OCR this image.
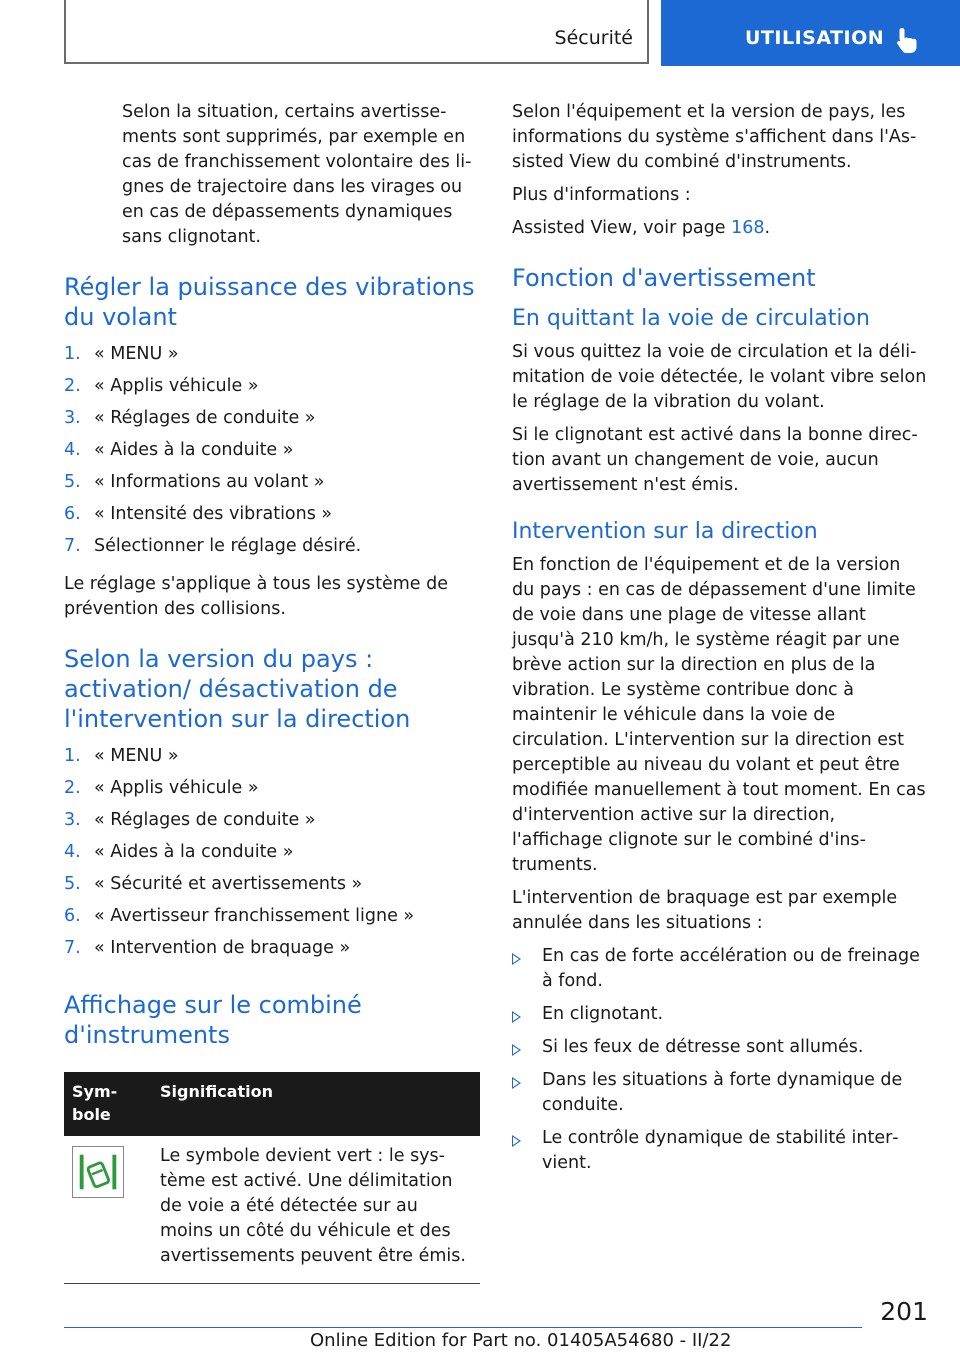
Sécurité	UTILISATION

Selon la situation, certains avertissements sont supprimés, par exemple en cas de franchissement volontaire des lignes de trajectoire dans les virages ou en cas de dépassements dynamiques sans clignotant.

Régler la puissance des vibrations du volant
1. « MENU »
2. « Applis véhicule »
3. « Réglages de conduite »
4. « Aides à la conduite »
5. « Informations au volant »
6. « Intensité des vibrations »
7. Sélectionner le réglage désiré.

Le réglage s'applique à tous les système de prévention des collisions.

Selon la version du pays : activation/ désactivation de l'intervention sur la direction
1. « MENU »
2. « Applis véhicule »
3. « Réglages de conduite »
4. « Aides à la conduite »
5. « Sécurité et avertissements »
6. « Avertisseur franchissement ligne »
7. « Intervention de braquage »
Affichage sur le combiné d'instruments
Symbole	Signification

	Le symbole devient vert : le système est activé. Une délimitation de voie a été détectée sur au moins un côté du véhicule et des avertissements peuvent être émis.

Selon l'équipement et la version de pays, les informations du système s'affichent dans l'Assisted View du combiné d'instruments.

Plus d'informations :

Assisted View, voir page 168.

Fonction d'avertissement
En quittant la voie de circulation

Si vous quittez la voie de circulation et la délimitation de voie détectée, le volant vibre selon le réglage de la vibration du volant.

Si le clignotant est activé dans la bonne direction avant un changement de voie, aucun avertissement n'est émis.

Intervention sur la direction

En fonction de l'équipement et de la version du pays : en cas de dépassement d'une limite de voie dans une plage de vitesse allant jusqu'à 210 km/h, le système réagit par une brève action sur la direction en plus de la vibration. Le système contribue donc à maintenir le véhicule dans la voie de circulation. L'intervention sur la direction est perceptible au niveau du volant et peut être modifiée manuellement à tout moment. En cas d'intervention active sur la direction, l'affichage clignote sur le combiné d'instruments.

L'intervention de braquage est par exemple annulée dans les situations :

En cas de forte accélération ou de freinage à fond.
En clignotant.
Si les feux de détresse sont allumés.
Dans les situations à forte dynamique de conduite.
Le contrôle dynamique de stabilité intervient.
201
Online Edition for Part no. 01405A54680 - II/22
